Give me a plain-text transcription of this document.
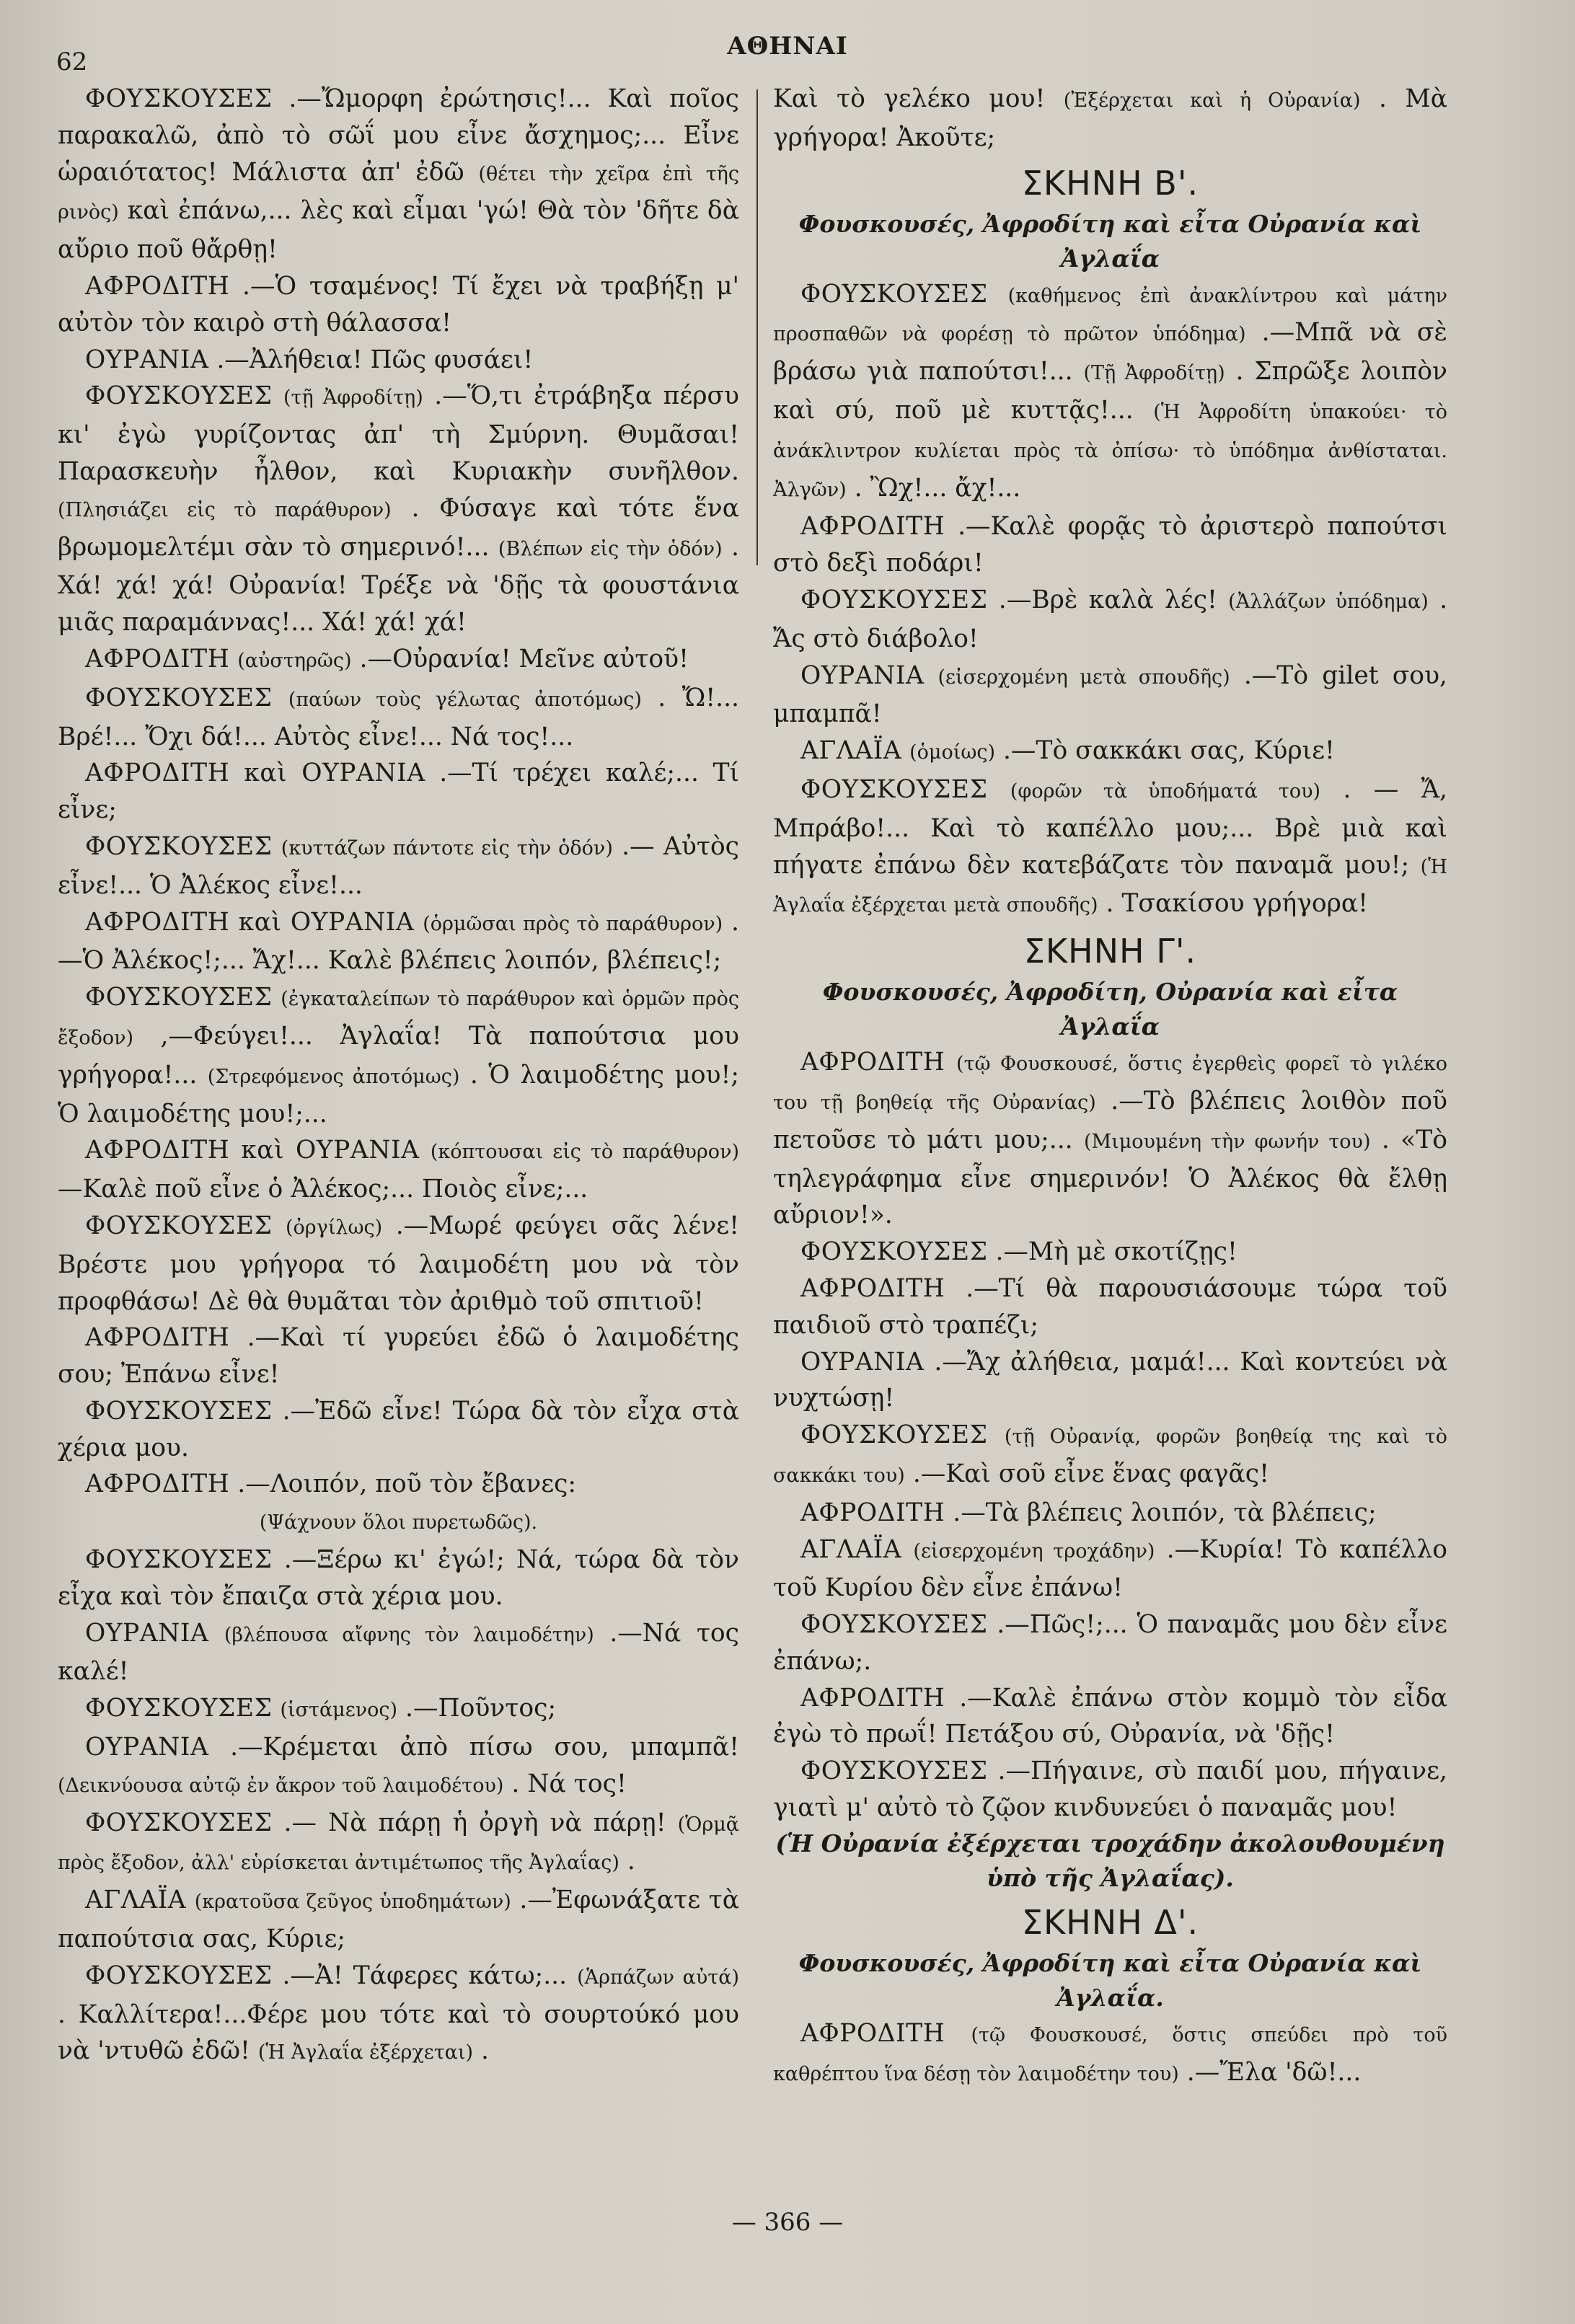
62
ΑΘΗΝΑΙ

ΦΟΥΣΚΟΥΣΕΣ .—Ὤμορφη ἐρώτησις!... Καὶ ποῖος παρακαλῶ, ἀπὸ τὸ σῶΐ μου εἶνε ἄσχημος;... Εἶνε ὡραιότατος! Μάλιστα ἀπ' ἐδῶ (θέτει τὴν χεῖρα ἐπὶ τῆς ρινὸς) καὶ ἐπάνω,... λὲς καὶ εἶμαι 'γώ! Θὰ τὸν 'δῆτε δὰ αὔριο ποῦ θἄρθῃ!

ΑΦΡΟΔΙΤΗ .—Ὁ τσαμένος! Τί ἔχει νὰ τραβήξῃ μ' αὐτὸν τὸν καιρὸ στὴ θάλασσα!

ΟΥΡΑΝΙΑ .—Ἀλήθεια! Πῶς φυσάει!

ΦΟΥΣΚΟΥΣΕΣ (τῇ Ἀφροδίτῃ) .—Ὅ,τι ἐτράβηξα πέρσυ κι' ἐγὼ γυρίζοντας ἀπ' τὴ Σμύρνη. Θυμᾶσαι! Παρασκευὴν ἦλθον, καὶ Κυριακὴν συνῆλθον. (Πλησιάζει εἰς τὸ παράθυρον) . Φύσαγε καὶ τότε ἕνα βρωμομελτέμι σὰν τὸ σημερινό!... (Βλέπων εἰς τὴν ὁδόν) . Χά! χά! χά! Οὐρανία! Τρέξε νὰ 'δῇς τὰ φουστάνια μιᾶς παραμάννας!... Χά! χά! χά!

ΑΦΡΟΔΙΤΗ (αὐστηρῶς) .—Οὐρανία! Μεῖνε αὐτοῦ!

ΦΟΥΣΚΟΥΣΕΣ (παύων τοὺς γέλωτας ἀποτόμως) . Ὤ!... Βρέ!... Ὄχι δά!... Αὐτὸς εἶνε!... Νά τος!...

ΑΦΡΟΔΙΤΗ καὶ ΟΥΡΑΝΙΑ .—Τί τρέχει καλέ;... Τί εἶνε;

ΦΟΥΣΚΟΥΣΕΣ (κυττάζων πάντοτε εἰς τὴν ὁδόν) .— Αὐτὸς εἶνε!... Ὁ Ἀλέκος εἶνε!...

ΑΦΡΟΔΙΤΗ καὶ ΟΥΡΑΝΙΑ (ὁρμῶσαι πρὸς τὸ παράθυρον) .—Ὁ Ἀλέκος!;... Ἄχ!... Καλὲ βλέπεις λοιπόν, βλέπεις!;

ΦΟΥΣΚΟΥΣΕΣ (ἐγκαταλείπων τὸ παράθυρον καὶ ὁρμῶν πρὸς ἔξοδον) ,—Φεύγει!... Ἀγλαΐα! Τὰ παπούτσια μου γρήγορα!... (Στρεφόμενος ἀποτόμως) . Ὁ λαιμοδέτης μου!; Ὁ λαιμοδέτης μου!;...

ΑΦΡΟΔΙΤΗ καὶ ΟΥΡΑΝΙΑ (κόπτουσαι εἰς τὸ παράθυρον) —Καλὲ ποῦ εἶνε ὁ Ἀλέκος;... Ποιὸς εἶνε;...

ΦΟΥΣΚΟΥΣΕΣ (ὀργίλως) .—Μωρέ φεύγει σᾶς λένε! Βρέστε μου γρήγορα τό λαιμοδέτη μου νὰ τὸν προφθάσω! Δὲ θὰ θυμᾶται τὸν ἀριθμὸ τοῦ σπιτιοῦ!

ΑΦΡΟΔΙΤΗ .—Καὶ τί γυρεύει ἐδῶ ὁ λαιμοδέτης σου; Ἐπάνω εἶνε!

ΦΟΥΣΚΟΥΣΕΣ .—Ἐδῶ εἶνε! Τώρα δὰ τὸν εἶχα στὰ χέρια μου.

ΑΦΡΟΔΙΤΗ .—Λοιπόν, ποῦ τὸν ἔβανες:

(Ψάχνουν ὅλοι πυρετωδῶς).

ΦΟΥΣΚΟΥΣΕΣ .—Ξέρω κι' ἐγώ!; Νά, τώρα δὰ τὸν εἶχα καὶ τὸν ἔπαιζα στὰ χέρια μου.

ΟΥΡΑΝΙΑ (βλέπουσα αἴφνης τὸν λαιμοδέτην) .—Νά τος καλέ!

ΦΟΥΣΚΟΥΣΕΣ (ἱστάμενος) .—Ποῦντος;

ΟΥΡΑΝΙΑ .—Κρέμεται ἀπὸ πίσω σου, μπαμπᾶ! (Δεικνύουσα αὐτῷ ἐν ἄκρον τοῦ λαιμοδέτου) . Νά τος!

ΦΟΥΣΚΟΥΣΕΣ .— Νὰ πάρῃ ἡ ὀργὴ νὰ πάρῃ! (Ὁρμᾷ πρὸς ἔξοδον, ἀλλ' εὑρίσκεται ἀντιμέτωπος τῆς Ἀγλαΐας) .

ΑΓΛΑΪΑ (κρατοῦσα ζεῦγος ὑποδημάτων) .—Ἐφωνάξατε τὰ παπούτσια σας, Κύριε;

ΦΟΥΣΚΟΥΣΕΣ .—Ἀ! Τάφερες κάτω;... (Ἁρπάζων αὐτά) . Καλλίτερα!...Φέρε μου τότε καὶ τὸ σουρτούκό μου νὰ 'ντυθῶ ἐδῶ! (Ἡ Ἀγλαΐα ἐξέρχεται) .

Καὶ τὸ γελέκο μου! (Ἐξέρχεται καὶ ἡ Οὐρανία) . Μὰ γρήγορα! Ἀκοῦτε;

ΣΚΗΝΗ Β'.

Φουσκουσές, Ἀφροδίτη καὶ εἶτα Οὐρανία καὶ Ἀγλαΐα

ΦΟΥΣΚΟΥΣΕΣ (καθήμενος ἐπὶ ἀνακλίντρου καὶ μάτην προσπαθῶν νὰ φορέσῃ τὸ πρῶτον ὑπόδημα) .—Μπᾶ νὰ σὲ βράσω γιὰ παπούτσι!... (Τῇ Ἀφροδίτῃ) . Σπρῶξε λοιπὸν καὶ σύ, ποῦ μὲ κυττᾷς!... (Ἡ Ἀφροδίτη ὑπακούει· τὸ ἀνάκλιντρον κυλίεται πρὸς τὰ ὀπίσω· τὸ ὑπόδημα ἀνθίσταται. Ἀλγῶν) . Ὢχ!... ἄχ!...

ΑΦΡΟΔΙΤΗ .—Καλὲ φορᾷς τὸ ἀριστερὸ παπούτσι στὸ δεξὶ ποδάρι!

ΦΟΥΣΚΟΥΣΕΣ .—Βρὲ καλὰ λές! (Ἀλλάζων ὑπόδημα) . Ἄς στὸ διάβολο!

ΟΥΡΑΝΙΑ (εἰσερχομένη μετὰ σπουδῆς) .—Τὸ gilet σου, μπαμπᾶ!

ΑΓΛΑΪΑ (ὁμοίως) .—Τὸ σακκάκι σας, Κύριε!

ΦΟΥΣΚΟΥΣΕΣ (φορῶν τὰ ὑποδήματά του) . — Ἄ, Μπράβο!... Καὶ τὸ καπέλλο μου;... Βρὲ μιὰ καὶ πήγατε ἐπάνω δὲν κατεβάζατε τὸν παναμᾶ μου!; (Ἡ Ἀγλαΐα ἐξέρχεται μετὰ σπουδῆς) . Τσακίσου γρήγορα!

ΣΚΗΝΗ Γ'.

Φουσκουσές, Ἀφροδίτη, Οὐρανία καὶ εἶτα Ἀγλαΐα

ΑΦΡΟΔΙΤΗ (τῷ Φουσκουσέ, ὅστις ἐγερθεὶς φορεῖ τὸ γιλέκο του τῇ βοηθείᾳ τῆς Οὐρανίας) .—Τὸ βλέπεις λοιθὸν ποῦ πετοῦσε τὸ μάτι μου;... (Μιμουμένη τὴν φωνήν του) . «Τὸ τηλεγράφημα εἶνε σημερινόν! Ὁ Ἀλέκος θὰ ἔλθῃ αὔριον!».

ΦΟΥΣΚΟΥΣΕΣ .—Μὴ μὲ σκοτίζῃς!

ΑΦΡΟΔΙΤΗ .—Τί θὰ παρουσιάσουμε τώρα τοῦ παιδιοῦ στὸ τραπέζι;

ΟΥΡΑΝΙΑ .—Ἄχ ἀλήθεια, μαμά!... Καὶ κοντεύει νὰ νυχτώσῃ!

ΦΟΥΣΚΟΥΣΕΣ (τῇ Οὐρανίᾳ, φορῶν βοηθείᾳ της καὶ τὸ σακκάκι του) .—Καὶ σοῦ εἶνε ἕνας φαγᾶς!

ΑΦΡΟΔΙΤΗ .—Τὰ βλέπεις λοιπόν, τὰ βλέπεις;

ΑΓΛΑΪΑ (εἰσερχομένη τροχάδην) .—Κυρία! Τὸ καπέλλο τοῦ Κυρίου δὲν εἶνε ἐπάνω!

ΦΟΥΣΚΟΥΣΕΣ .—Πῶς!;... Ὁ παναμᾶς μου δὲν εἶνε ἐπάνω;.

ΑΦΡΟΔΙΤΗ .—Καλὲ ἐπάνω στὸν κομμὸ τὸν εἶδα ἐγὼ τὸ πρωΐ! Πετάξου σύ, Οὐρανία, νὰ 'δῇς!

ΦΟΥΣΚΟΥΣΕΣ .—Πήγαινε, σὺ παιδί μου, πήγαινε, γιατὶ μ' αὐτὸ τὸ ζῷον κινδυνεύει ὁ παναμᾶς μου!

(Ἡ Οὐρανία ἐξέρχεται τροχάδην ἀκολουθουμένη ὑπὸ τῆς Ἀγλαΐας).

ΣΚΗΝΗ Δ'.

Φουσκουσές, Ἀφροδίτη καὶ εἶτα Οὐρανία καὶ Ἀγλαΐα.

ΑΦΡΟΔΙΤΗ (τῷ Φουσκουσέ, ὅστις σπεύδει πρὸ τοῦ καθρέπτου ἵνα δέσῃ τὸν λαιμοδέτην του) .—Ἔλα 'δῶ!...

— 366 —
